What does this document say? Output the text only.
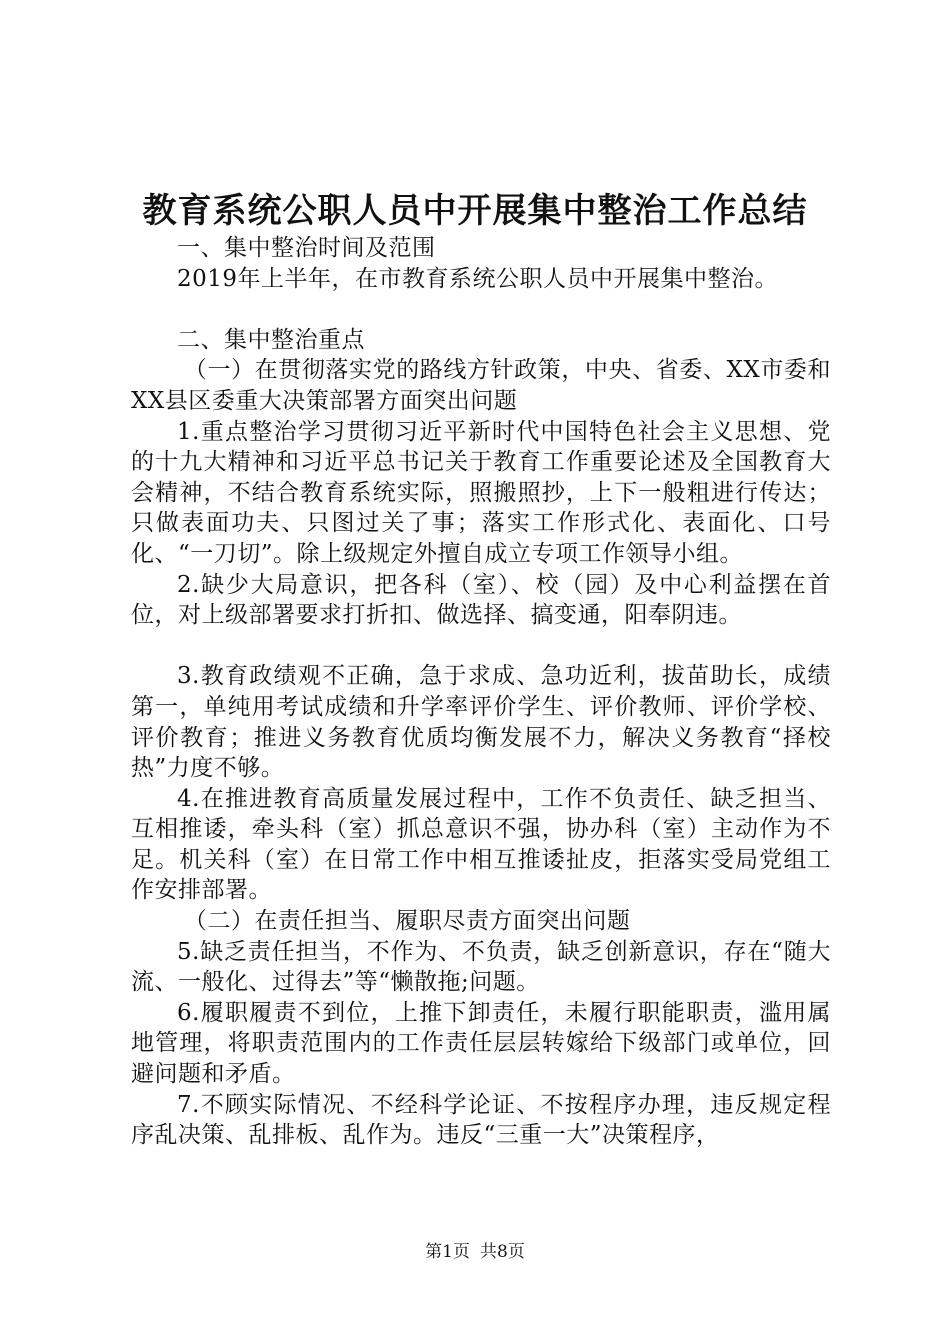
教育系统公职人员中开展集中整治工作总结

一、集中整治时间及范围

2019年上半年，在市教育系统公职人员中开展集中整治。

二、集中整治重点

（一）在贯彻落实党的路线方针政策，中央、省委、XX市委和XX县区委重大决策部署方面突出问题

1.重点整治学习贯彻习近平新时代中国特色社会主义思想、党的十九大精神和习近平总书记关于教育工作重要论述及全国教育大会精神，不结合教育系统实际，照搬照抄，上下一般粗进行传达；只做表面功夫、只图过关了事；落实工作形式化、表面化、口号化、“一刀切”。除上级规定外擅自成立专项工作领导小组。

2.缺少大局意识，把各科（室）、校（园）及中心利益摆在首位，对上级部署要求打折扣、做选择、搞变通，阳奉阴违。

3.教育政绩观不正确，急于求成、急功近利，拔苗助长，成绩第一，单纯用考试成绩和升学率评价学生、评价教师、评价学校、评价教育；推进义务教育优质均衡发展不力，解决义务教育“择校热”力度不够。

4.在推进教育高质量发展过程中，工作不负责任、缺乏担当、互相推诿，牵头科（室）抓总意识不强，协办科（室）主动作为不足。机关科（室）在日常工作中相互推诿扯皮，拒落实受局党组工作安排部署。

（二）在责任担当、履职尽责方面突出问题

5.缺乏责任担当，不作为、不负责，缺乏创新意识，存在“随大流、一般化、过得去”等“懒散拖;问题。

6.履职履责不到位，上推下卸责任，未履行职能职责，滥用属地管理，将职责范围内的工作责任层层转嫁给下级部门或单位，回避问题和矛盾。

7.不顾实际情况、不经科学论证、不按程序办理，违反规定程序乱决策、乱排板、乱作为。违反“三重一大”决策程序，

第1页 共8页
